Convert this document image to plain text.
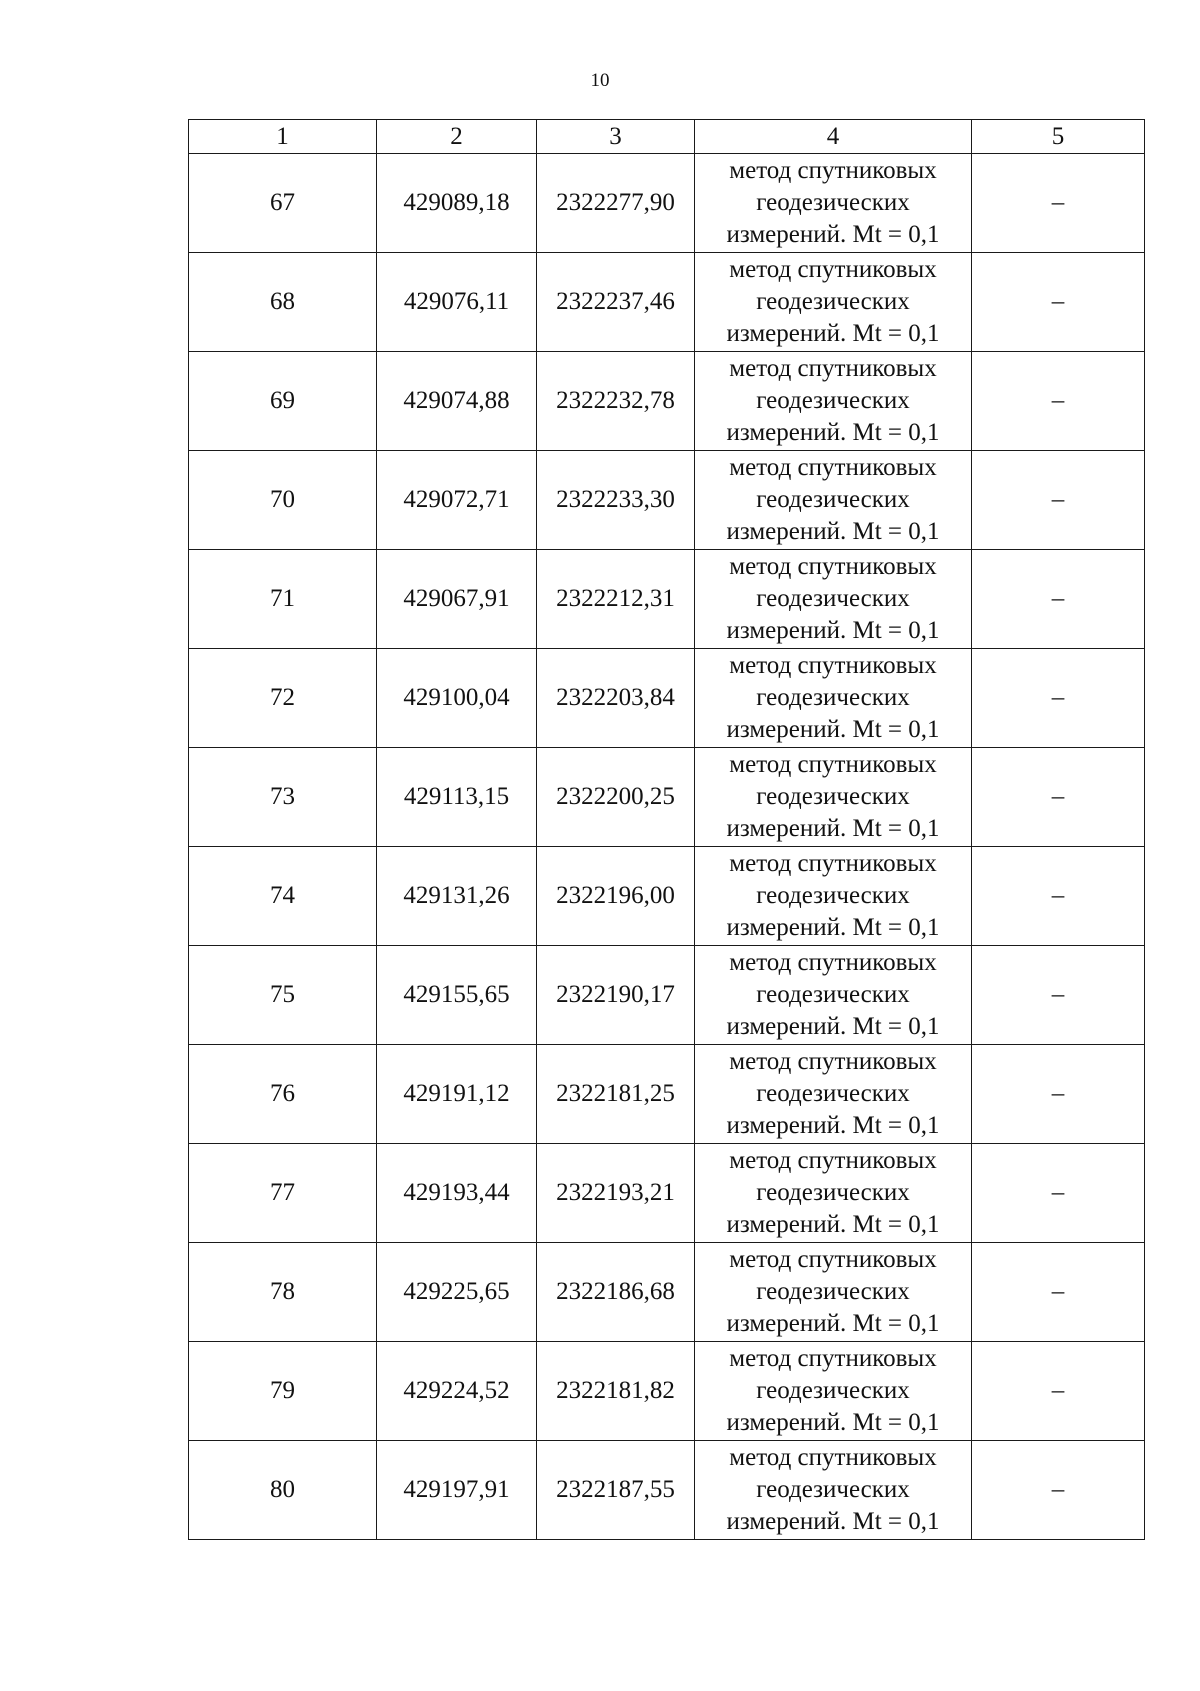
10
1	2	3	4	5
67	429089,18	2322277,90	метод спутниковых
геодезических
измерений. Mt = 0,1	–
68	429076,11	2322237,46	метод спутниковых
геодезических
измерений. Mt = 0,1	–
69	429074,88	2322232,78	метод спутниковых
геодезических
измерений. Mt = 0,1	–
70	429072,71	2322233,30	метод спутниковых
геодезических
измерений. Mt = 0,1	–
71	429067,91	2322212,31	метод спутниковых
геодезических
измерений. Mt = 0,1	–
72	429100,04	2322203,84	метод спутниковых
геодезических
измерений. Mt = 0,1	–
73	429113,15	2322200,25	метод спутниковых
геодезических
измерений. Mt = 0,1	–
74	429131,26	2322196,00	метод спутниковых
геодезических
измерений. Mt = 0,1	–
75	429155,65	2322190,17	метод спутниковых
геодезических
измерений. Mt = 0,1	–
76	429191,12	2322181,25	метод спутниковых
геодезических
измерений. Mt = 0,1	–
77	429193,44	2322193,21	метод спутниковых
геодезических
измерений. Mt = 0,1	–
78	429225,65	2322186,68	метод спутниковых
геодезических
измерений. Mt = 0,1	–
79	429224,52	2322181,82	метод спутниковых
геодезических
измерений. Mt = 0,1	–
80	429197,91	2322187,55	метод спутниковых
геодезических
измерений. Mt = 0,1	–
